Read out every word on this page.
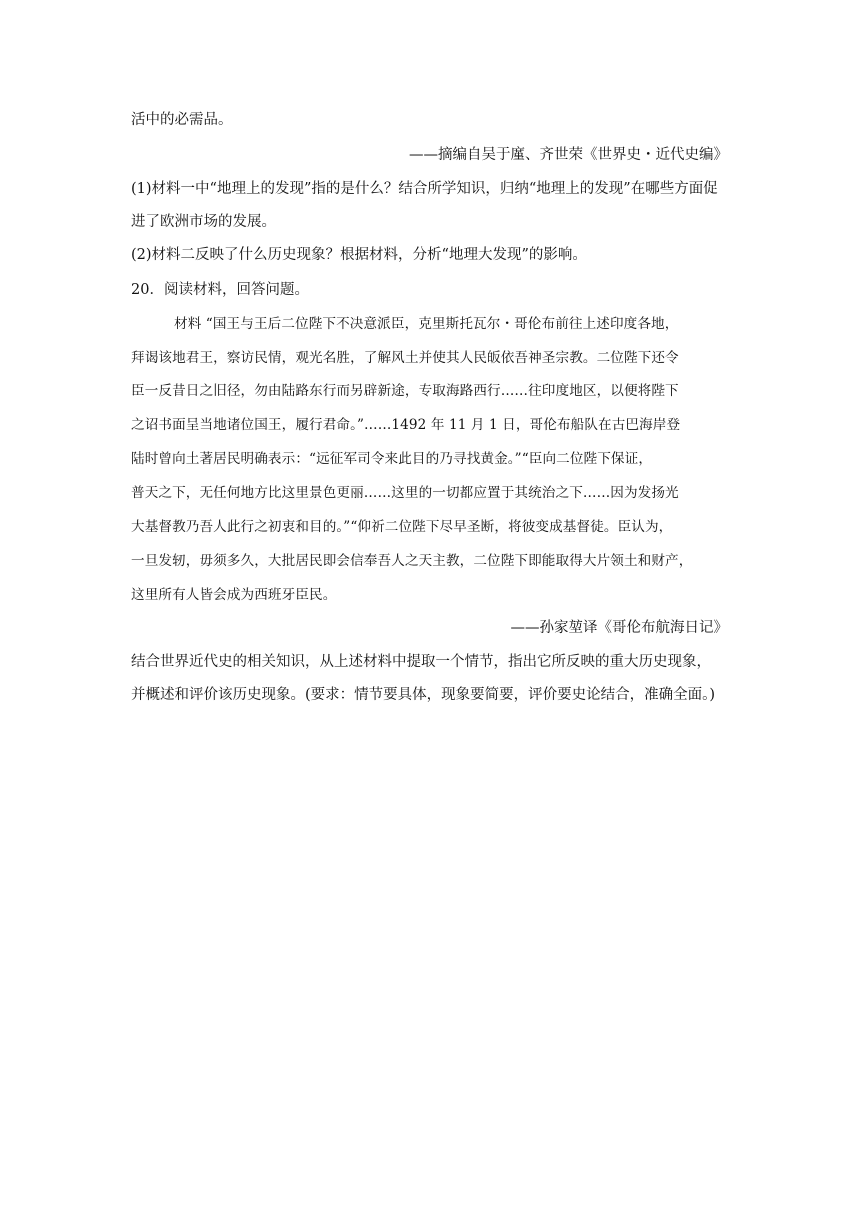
活中的必需品。
——摘编自吴于廑、齐世荣《世界史・近代史编》
(1)材料一中“地理上的发现”指的是什么？结合所学知识，归纳“地理上的发现”在哪些方面促
进了欧洲市场的发展。
(2)材料二反映了什么历史现象？根据材料，分析“地理大发现”的影响。
20．阅读材料，回答问题。
材料 “国王与王后二位陛下不决意派臣，克里斯托瓦尔・哥伦布前往上述印度各地，
拜谒该地君王，察访民情，观光名胜，了解风土并使其人民皈依吾神圣宗教。二位陛下还令
臣一反昔日之旧径，勿由陆路东行而另辟新途，专取海路西行……往印度地区，以便将陛下
之诏书面呈当地诸位国王，履行君命。”……1492 年 11 月 1 日，哥伦布船队在古巴海岸登
陆时曾向土著居民明确表示：“远征军司令来此目的乃寻找黄金。”“臣向二位陛下保证，
普天之下，无任何地方比这里景色更丽……这里的一切都应置于其统治之下……因为发扬光
大基督教乃吾人此行之初衷和目的。”“仰祈二位陛下尽早圣断，将彼变成基督徒。臣认为，
一旦发轫，毋须多久，大批居民即会信奉吾人之天主教，二位陛下即能取得大片领土和财产，
这里所有人皆会成为西班牙臣民。
——孙家堃译《哥伦布航海日记》
结合世界近代史的相关知识，从上述材料中提取一个情节，指出它所反映的重大历史现象，
并概述和评价该历史现象。(要求：情节要具体，现象要简要，评价要史论结合，准确全面。)
